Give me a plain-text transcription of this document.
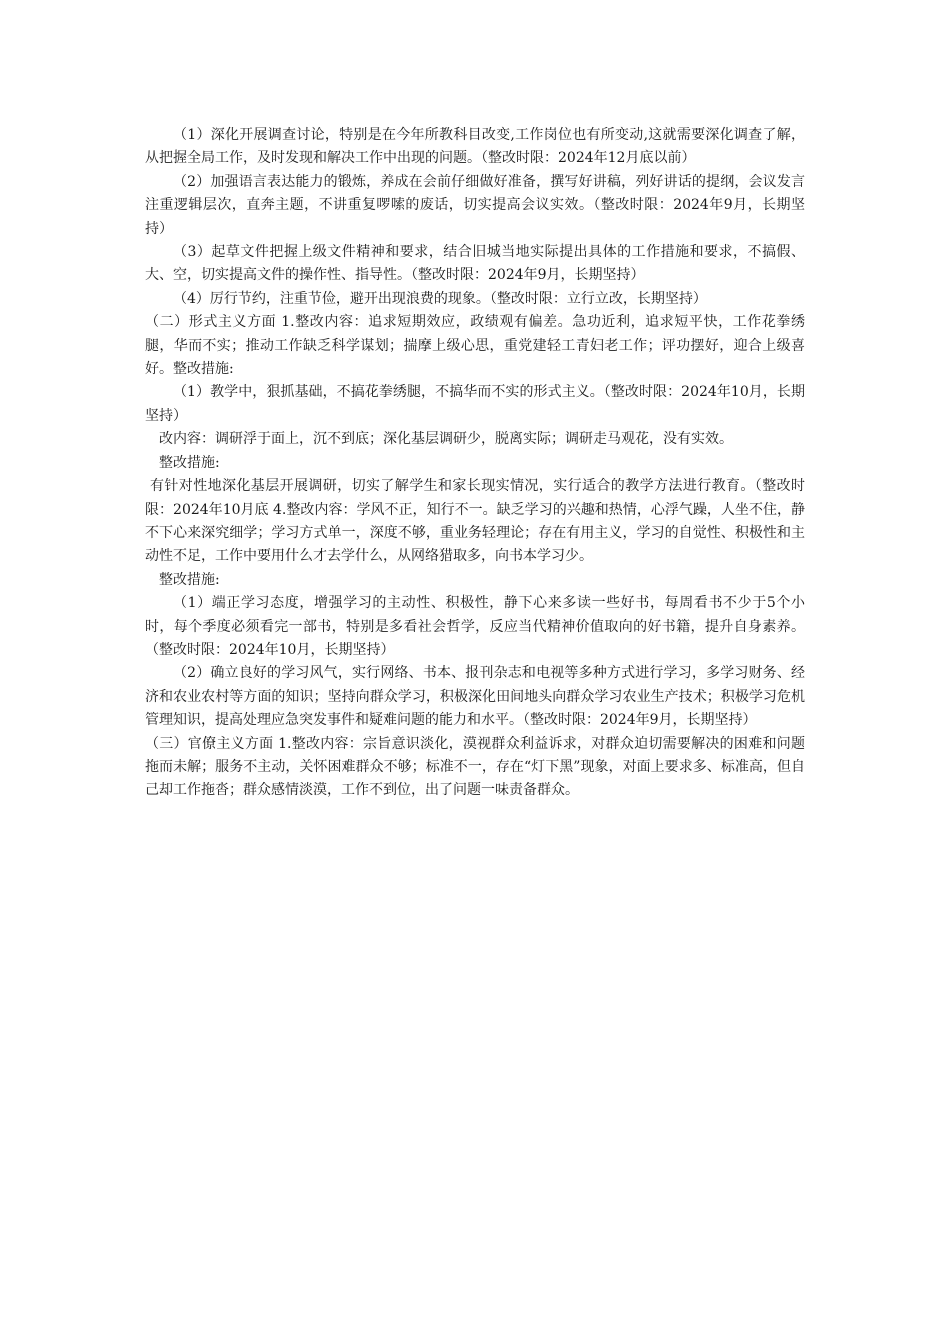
（1）深化开展调查讨论，特别是在今年所教科目改变,工作岗位也有所变动,这就需要深化调查了解，从把握全局工作，及时发现和解决工作中出现的问题。（整改时限：2024年12月底以前）

（2）加强语言表达能力的锻炼，养成在会前仔细做好准备，撰写好讲稿，列好讲话的提纲，会议发言注重逻辑层次，直奔主题，不讲重复啰嗦的废话，切实提高会议实效。（整改时限：2024年9月，长期坚持）

（3）起草文件把握上级文件精神和要求，结合旧城当地实际提出具体的工作措施和要求，不搞假、大、空，切实提高文件的操作性、指导性。（整改时限：2024年9月，长期坚持）

（4）厉行节约，注重节俭，避开出现浪费的现象。（整改时限：立行立改，长期坚持）

（二）形式主义方面 1.整改内容：追求短期效应，政绩观有偏差。急功近利，追求短平快，工作花拳绣腿，华而不实；推动工作缺乏科学谋划；揣摩上级心思，重党建轻工青妇老工作；评功摆好，迎合上级喜好。整改措施:

（1）教学中，狠抓基础，不搞花拳绣腿，不搞华而不实的形式主义。（整改时限：2024年10月，长期坚持）

改内容：调研浮于面上，沉不到底；深化基层调研少，脱离实际；调研走马观花，没有实效。

整改措施:

有针对性地深化基层开展调研，切实了解学生和家长现实情况，实行适合的教学方法进行教育。（整改时限：2024年10月底 4.整改内容：学风不正，知行不一。缺乏学习的兴趣和热情，心浮气躁，人坐不住，静不下心来深究细学；学习方式单一，深度不够，重业务轻理论；存在有用主义，学习的自觉性、积极性和主动性不足，工作中要用什么才去学什么，从网络猎取多，向书本学习少。

整改措施:

（1）端正学习态度，增强学习的主动性、积极性，静下心来多读一些好书，每周看书不少于5个小时，每个季度必须看完一部书，特别是多看社会哲学，反应当代精神价值取向的好书籍，提升自身素养。（整改时限：2024年10月，长期坚持）

（2）确立良好的学习风气，实行网络、书本、报刊杂志和电视等多种方式进行学习，多学习财务、经济和农业农村等方面的知识；坚持向群众学习，积极深化田间地头向群众学习农业生产技术；积极学习危机管理知识，提高处理应急突发事件和疑难问题的能力和水平。（整改时限：2024年9月，长期坚持）

（三）官僚主义方面 1.整改内容：宗旨意识淡化，漠视群众利益诉求，对群众迫切需要解决的困难和问题拖而未解；服务不主动，关怀困难群众不够；标准不一，存在“灯下黑”现象，对面上要求多、标准高，但自己却工作拖沓；群众感情淡漠，工作不到位，出了问题一味责备群众。
